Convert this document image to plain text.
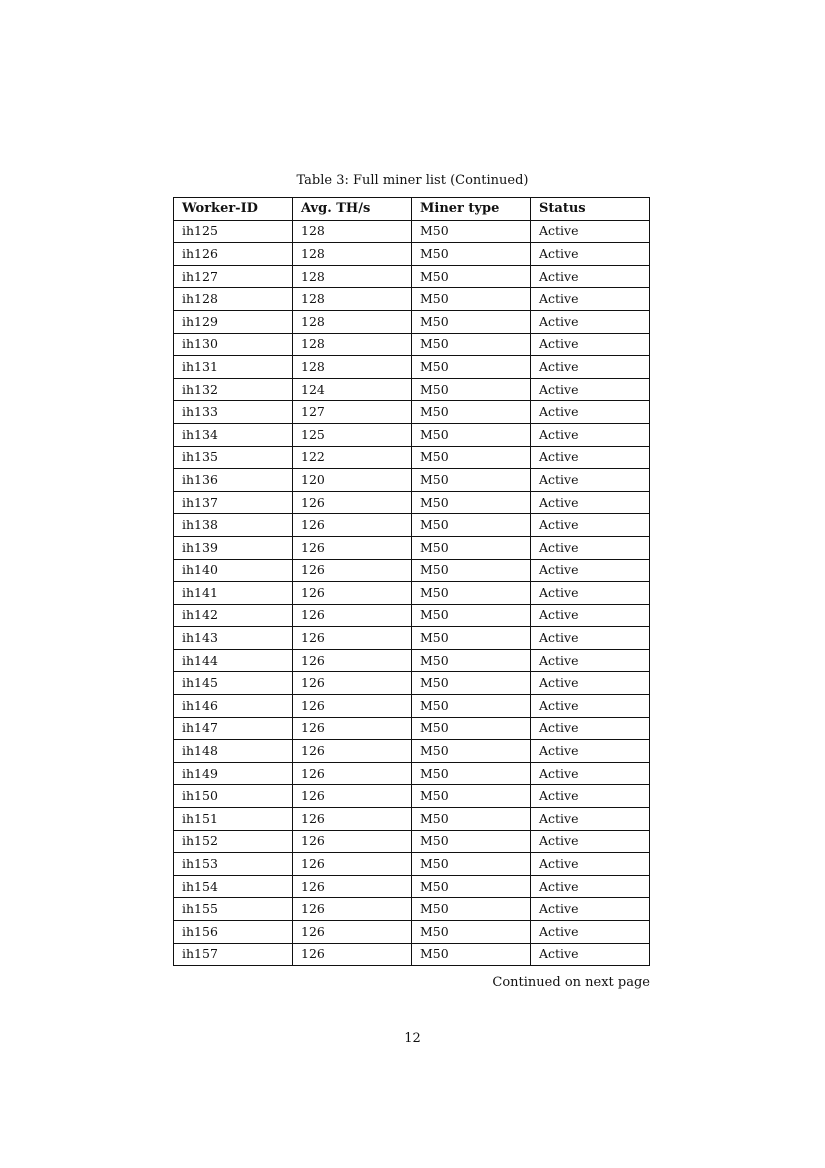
Table 3: Full miner list (Continued)
Worker-ID	Avg. TH/s	Miner type	Status
ih125	128	M50	Active
ih126	128	M50	Active
ih127	128	M50	Active
ih128	128	M50	Active
ih129	128	M50	Active
ih130	128	M50	Active
ih131	128	M50	Active
ih132	124	M50	Active
ih133	127	M50	Active
ih134	125	M50	Active
ih135	122	M50	Active
ih136	120	M50	Active
ih137	126	M50	Active
ih138	126	M50	Active
ih139	126	M50	Active
ih140	126	M50	Active
ih141	126	M50	Active
ih142	126	M50	Active
ih143	126	M50	Active
ih144	126	M50	Active
ih145	126	M50	Active
ih146	126	M50	Active
ih147	126	M50	Active
ih148	126	M50	Active
ih149	126	M50	Active
ih150	126	M50	Active
ih151	126	M50	Active
ih152	126	M50	Active
ih153	126	M50	Active
ih154	126	M50	Active
ih155	126	M50	Active
ih156	126	M50	Active
ih157	126	M50	Active
Continued on next page
12
